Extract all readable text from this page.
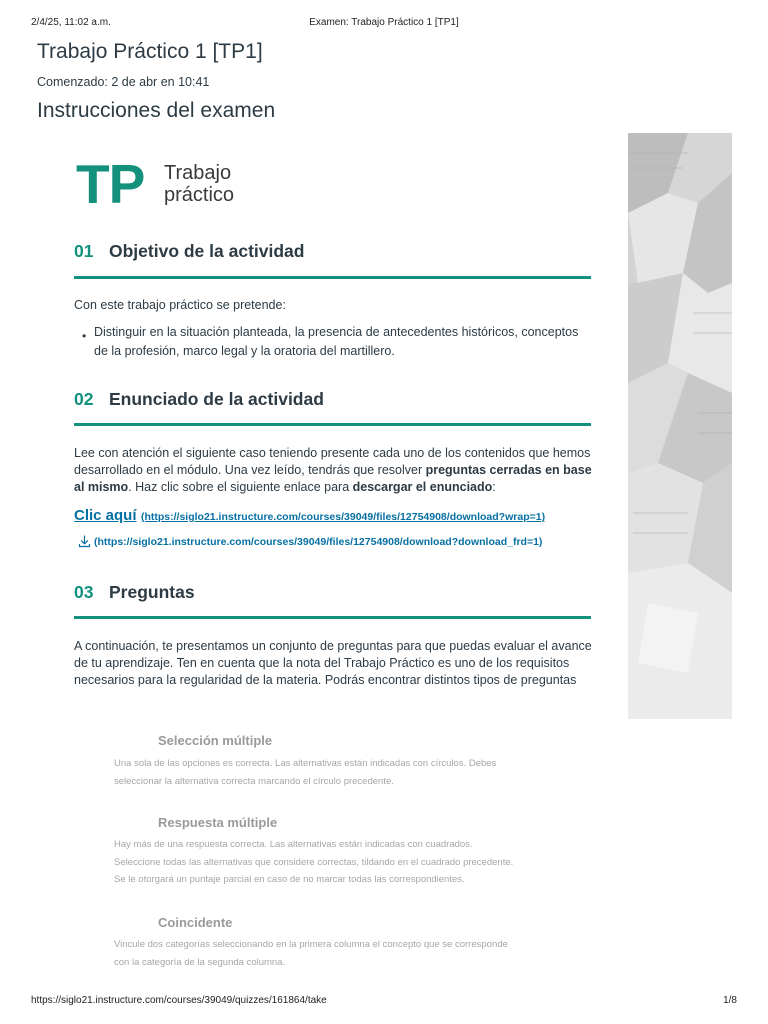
2/4/25, 11:02 a.m.	Examen: Trabajo Práctico 1 [TP1]
Trabajo Práctico 1 [TP1]
Comenzado: 2 de abr en 10:41
Instrucciones del examen
TP Trabajo
práctico
01 Objetivo de la actividad
Con este trabajo práctico se pretende:
• Distinguir en la situación planteada, la presencia de antecedentes históricos, conceptos de la profesión, marco legal y la oratoria del martillero.
02 Enunciado de la actividad
Lee con atención el siguiente caso teniendo presente cada uno de los contenidos que hemos desarrollado en el módulo. Una vez leído, tendrás que resolver preguntas cerradas en base al mismo. Haz clic sobre el siguiente enlace para descargar el enunciado:
Clic aquí (https://siglo21.instructure.com/courses/39049/files/12754908/download?wrap=1)
(https://siglo21.instructure.com/courses/39049/files/12754908/download?download_frd=1)
03 Preguntas
A continuación, te presentamos un conjunto de preguntas para que puedas evaluar el avance de tu aprendizaje. Ten en cuenta que la nota del Trabajo Práctico es uno de los requisitos necesarios para la regularidad de la materia. Podrás encontrar distintos tipos de preguntas
Selección múltiple
Una sola de las opciones es correcta. Las alternativas están indicadas con círculos. Debes
seleccionar la alternativa correcta marcando el círculo precedente.
Respuesta múltiple
Hay más de una respuesta correcta. Las alternativas están indicadas con cuadrados.
Seleccione todas las alternativas que considere correctas, tildando en el cuadrado precedente.
Se le otorgará un puntaje parcial en caso de no marcar todas las correspondientes.
Coincidente
Vincule dos categorías seleccionando en la primera columna el concepto que se corresponde
con la categoría de la segunda columna.
https://siglo21.instructure.com/courses/39049/quizzes/161864/take	1/8
